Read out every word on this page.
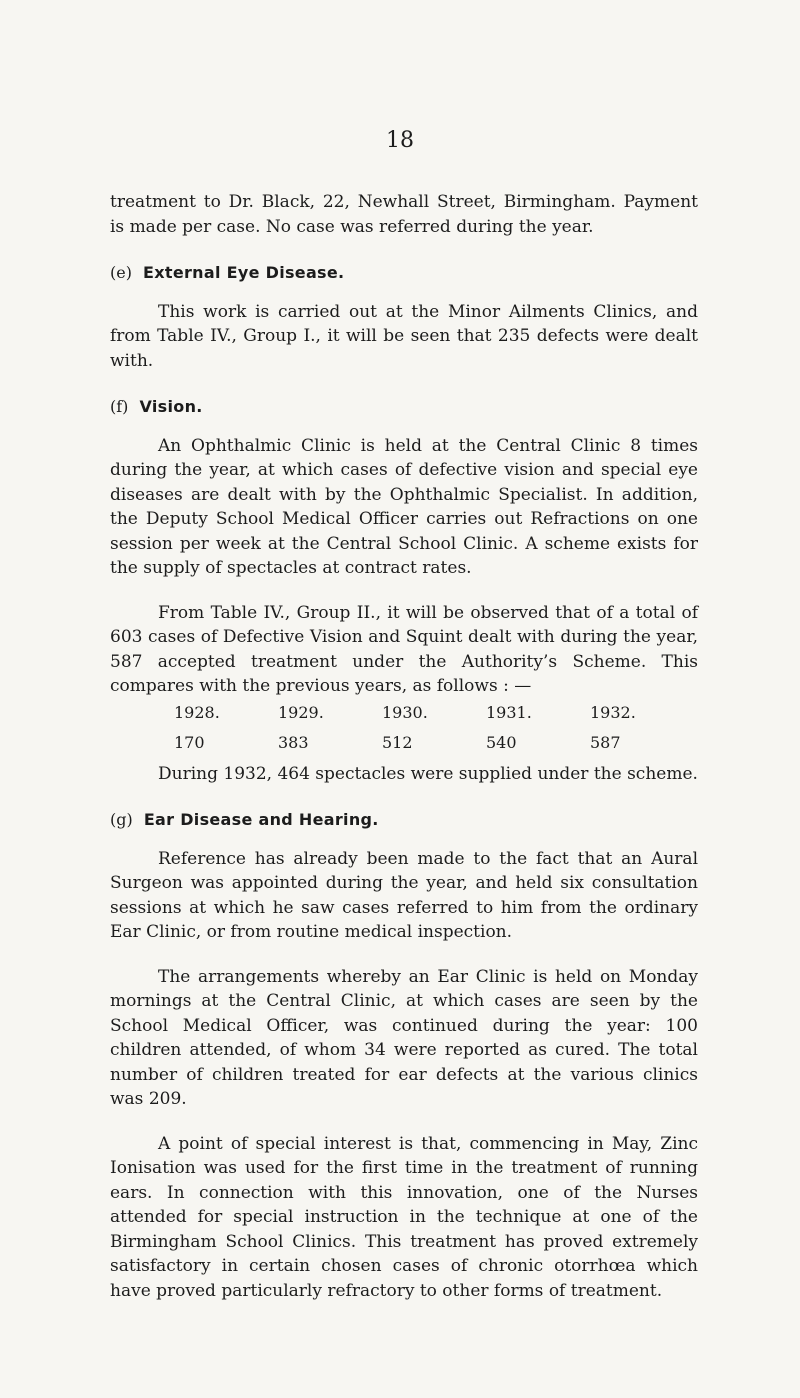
18

treatment to Dr. Black, 22, Newhall Street, Birmingham. Payment is made per case. No case was referred during the year.

(e) External Eye Disease.

This work is carried out at the Minor Ailments Clinics, and from Table IV., Group I., it will be seen that 235 defects were dealt with.

(f) Vision.

An Ophthalmic Clinic is held at the Central Clinic 8 times during the year, at which cases of defective vision and special eye diseases are dealt with by the Ophthalmic Specialist. In addition, the Deputy School Medical Officer carries out Refractions on one session per week at the Central School Clinic. A scheme exists for the supply of spectacles at contract rates.

From Table IV., Group II., it will be observed that of a total of 603 cases of Defective Vision and Squint dealt with during the year, 587 accepted treatment under the Authority’s Scheme. This compares with the previous years, as follows : —

1928.	1929.	1930.	1931.	1932.
170	383	512	540	587

During 1932, 464 spectacles were supplied under the scheme.

(g) Ear Disease and Hearing.

Reference has already been made to the fact that an Aural Surgeon was appointed during the year, and held six consultation sessions at which he saw cases referred to him from the ordinary Ear Clinic, or from routine medical inspection.

The arrangements whereby an Ear Clinic is held on Monday mornings at the Central Clinic, at which cases are seen by the School Medical Officer, was continued during the year: 100 children attended, of whom 34 were reported as cured. The total number of children treated for ear defects at the various clinics was 209.

A point of special interest is that, commencing in May, Zinc Ionisation was used for the first time in the treatment of running ears. In connection with this innovation, one of the Nurses attended for special instruction in the technique at one of the Birmingham School Clinics. This treatment has proved extremely satisfactory in certain chosen cases of chronic otorrhœa which have proved particularly refractory to other forms of treatment.
